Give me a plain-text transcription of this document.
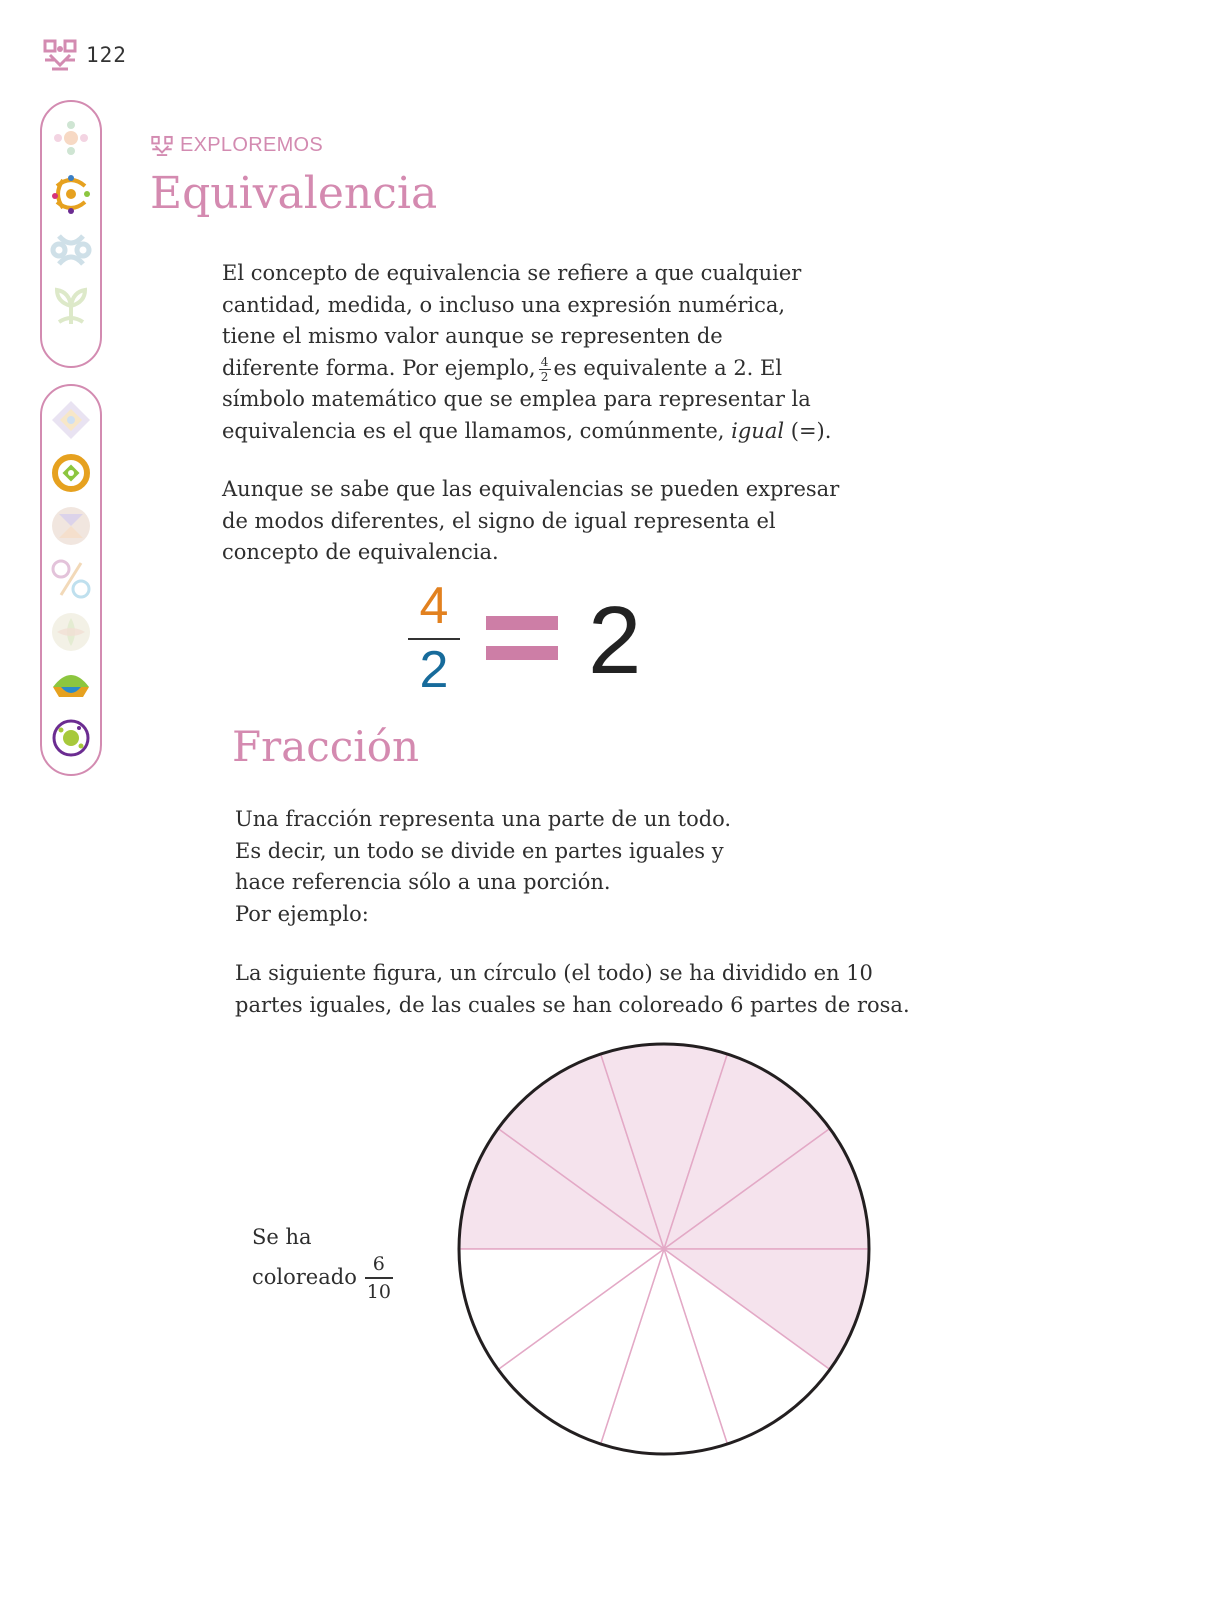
122
EXPLOREMOS
Equivalencia

El concepto de equivalencia se refiere a que cualquier
cantidad, medida, o incluso una expresión numérica,
tiene el mismo valor aunque se representen de
diferente forma. Por ejemplo, $\frac{4}{2}$ es equivalente a 2. El
símbolo matemático que se emplea para representar la
equivalencia es el que llamamos, comúnmente, igual (=).

Aunque se sabe que las equivalencias se pueden expresar
de modos diferentes, el signo de igual representa el
concepto de equivalencia.

4
2 2
Fracción

Una fracción representa una parte de un todo.
Es decir, un todo se divide en partes iguales y
hace referencia sólo a una porción.
Por ejemplo:

La siguiente figura, un círculo (el todo) se ha dividido en 10
partes iguales, de las cuales se han coloreado 6 partes de rosa.

Se ha
coloreado $\frac{6}{10}$
